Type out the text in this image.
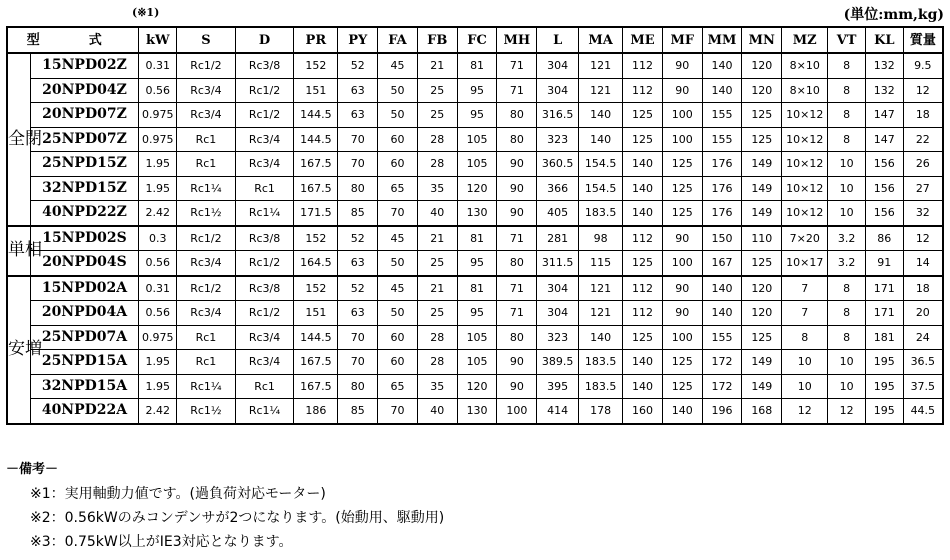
(※1)	(単位:mm,kg)
型　式		kW	S	D	PR	PY	FA	FB	FC	MH	L	MA	ME	MF	MM	MN	MZ	VT	KL	質量
全閉	15NPD02Z	0.31	Rc1/2	Rc3/8	152	52	45	21	81	71	304	121	112	90	140	120	8×10	8	132	9.5
	20NPD04Z	0.56	Rc3/4	Rc1/2	151	63	50	25	95	71	304	121	112	90	140	120	8×10	8	132	12
	20NPD07Z	0.975	Rc3/4	Rc1/2	144.5	63	50	25	95	80	316.5	140	125	100	155	125	10×12	8	147	18
	25NPD07Z	0.975	Rc1	Rc3/4	144.5	70	60	28	105	80	323	140	125	100	155	125	10×12	8	147	22
	25NPD15Z	1.95	Rc1	Rc3/4	167.5	70	60	28	105	90	360.5	154.5	140	125	176	149	10×12	10	156	26
	32NPD15Z	1.95	Rc1¼	Rc1	167.5	80	65	35	120	90	366	154.5	140	125	176	149	10×12	10	156	27
	40NPD22Z	2.42	Rc1½	Rc1¼	171.5	85	70	40	130	90	405	183.5	140	125	176	149	10×12	10	156	32
単相	15NPD02S	0.3	Rc1/2	Rc3/8	152	52	45	21	81	71	281	98	112	90	150	110	7×20	3.2	86	12
	20NPD04S	0.56	Rc3/4	Rc1/2	164.5	63	50	25	95	80	311.5	115	125	100	167	125	10×17	3.2	91	14
安増	15NPD02A	0.31	Rc1/2	Rc3/8	152	52	45	21	81	71	304	121	112	90	140	120	7	8	171	18
	20NPD04A	0.56	Rc3/4	Rc1/2	151	63	50	25	95	71	304	121	112	90	140	120	7	8	171	20
	25NPD07A	0.975	Rc1	Rc3/4	144.5	70	60	28	105	80	323	140	125	100	155	125	8	8	181	24
	25NPD15A	1.95	Rc1	Rc3/4	167.5	70	60	28	105	90	389.5	183.5	140	125	172	149	10	10	195	36.5
	32NPD15A	1.95	Rc1¼	Rc1	167.5	80	65	35	120	90	395	183.5	140	125	172	149	10	10	195	37.5
	40NPD22A	2.42	Rc1½	Rc1¼	186	85	70	40	130	100	414	178	160	140	196	168	12	12	195	44.5
－備考－
※1：実用軸動力値です。(過負荷対応モーター)
※2：0.56kWのみコンデンサが2つになります。(始動用、駆動用)
※3：0.75kW以上がIE3対応となります。
